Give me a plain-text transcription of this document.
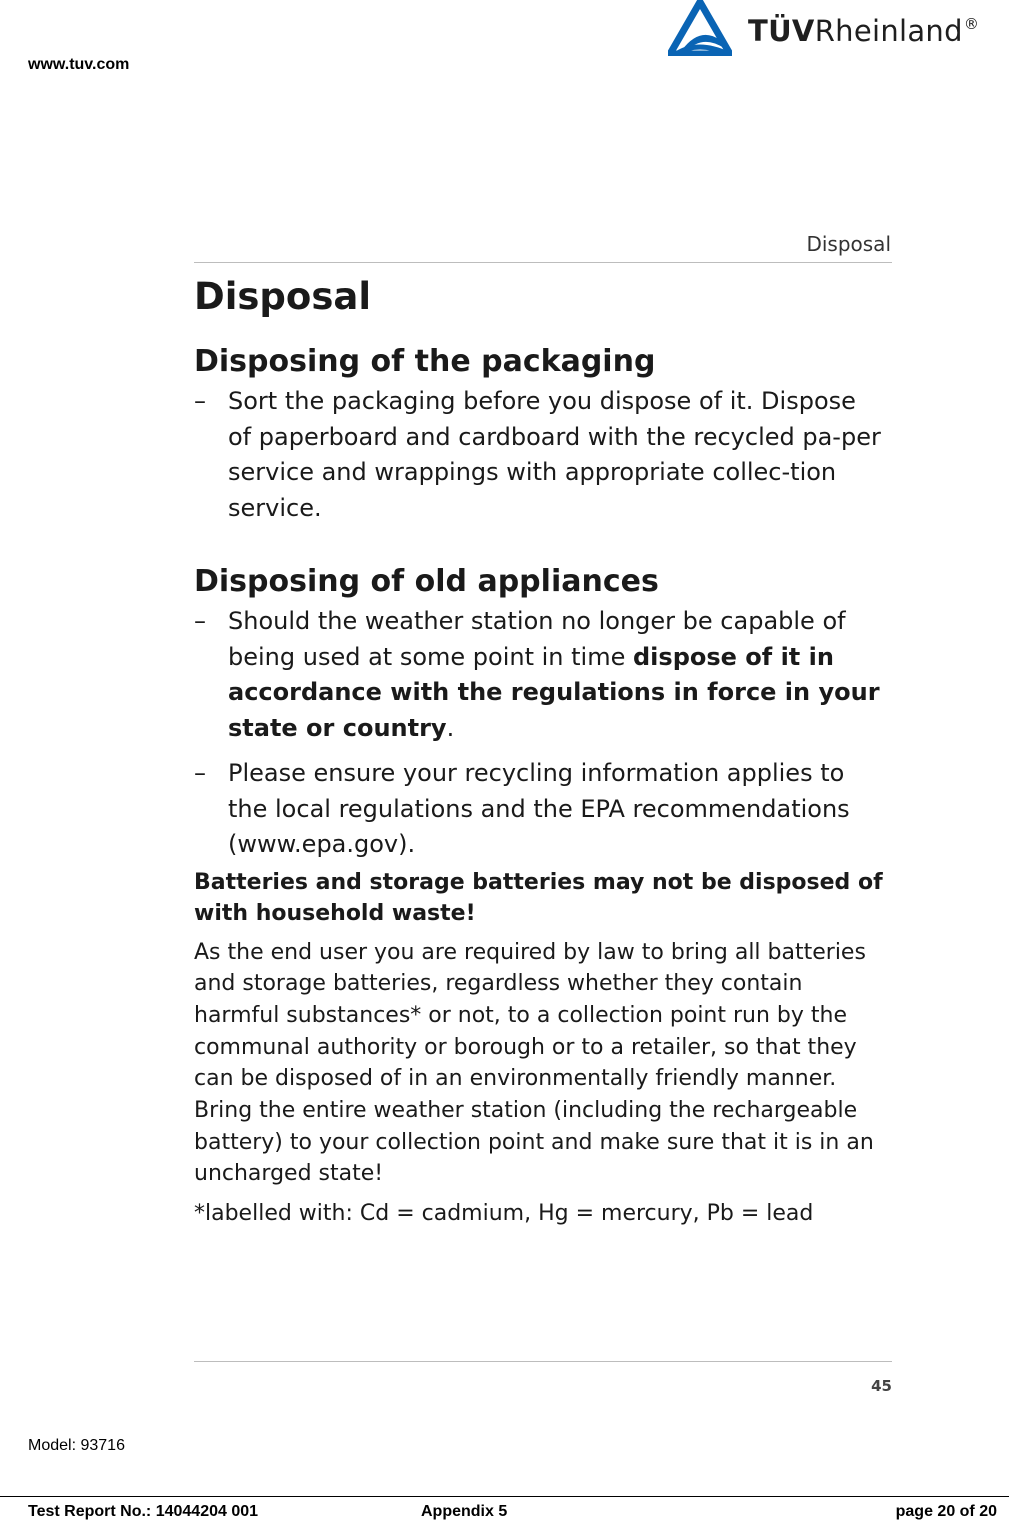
www.tuv.com
TÜVRheinland®
Disposal
Disposal
Disposing of the packaging
– Sort the packaging before you dispose of it. Dispose of paperboard and cardboard with the recycled pa-per service and wrappings with appropriate collec-tion service.
Disposing of old appliances
– Should the weather station no longer be capable of being used at some point in time dispose of it in accordance with the regulations in force in your state or country.
– Please ensure your recycling information applies to the local regulations and the EPA recommendations (www.epa.gov).
Batteries and storage batteries may not be disposed of with household waste!
As the end user you are required by law to bring all batteries and storage batteries, regardless whether they contain harmful substances* or not, to a collection point run by the communal authority or borough or to a retailer, so that they can be disposed of in an environmentally friendly manner. Bring the entire weather station (including the rechargeable battery) to your collection point and make sure that it is in an uncharged state!
*labelled with: Cd = cadmium, Hg = mercury, Pb = lead
45
Model: 93716
Test Report No.: 14044204 001	Appendix 5	page 20 of 20
